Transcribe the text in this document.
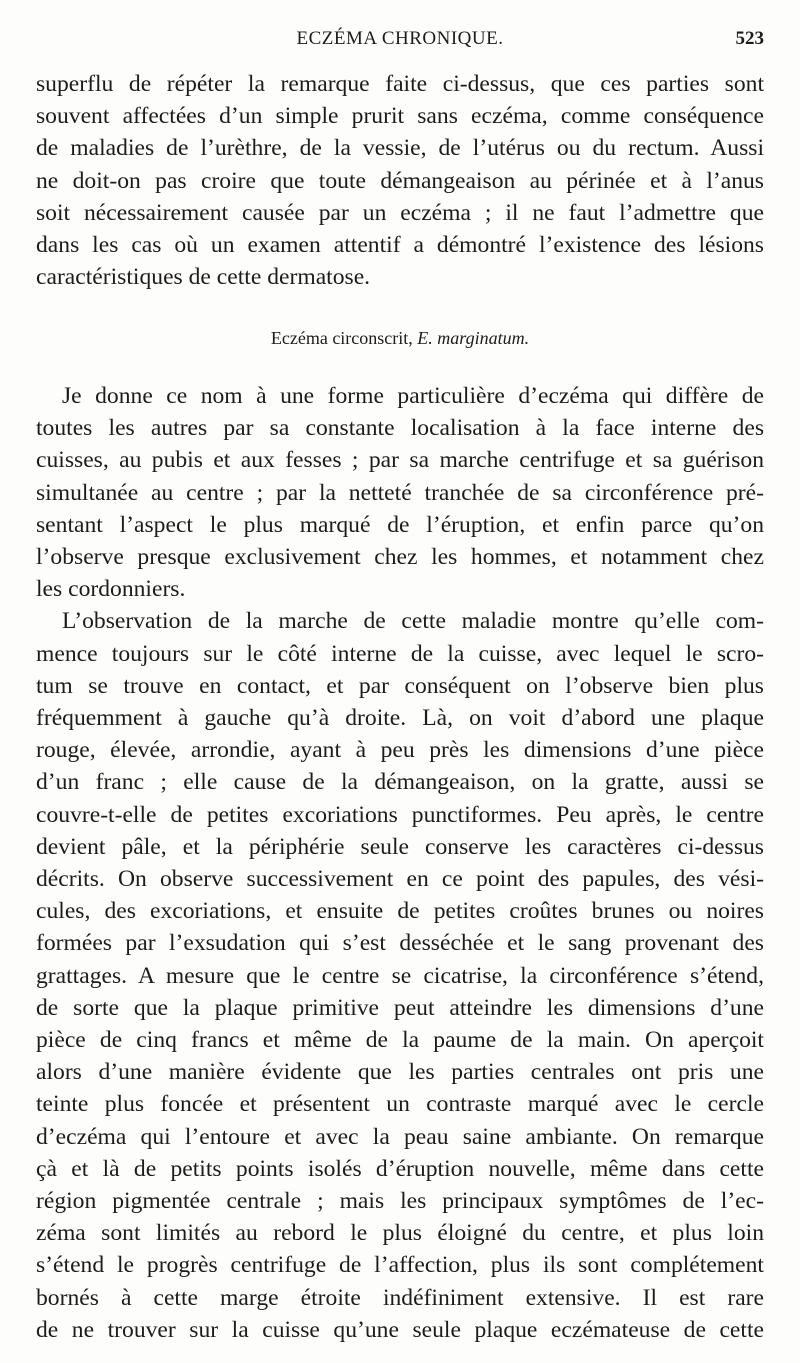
ECZÉMA CHRONIQUE.	523
superflu de répéter la remarque faite ci-dessus, que ces parties sont
souvent affectées d’un simple prurit sans eczéma, comme conséquence
de maladies de l’urèthre, de la vessie, de l’utérus ou du rectum. Aussi
ne doit-on pas croire que toute démangeaison au périnée et à l’anus
soit nécessairement causée par un eczéma ; il ne faut l’admettre que
dans les cas où un examen attentif a démontré l’existence des lésions
caractéristiques de cette dermatose.
Eczéma circonscrit, E. marginatum.
Je donne ce nom à une forme particulière d’eczéma qui diffère de
toutes les autres par sa constante localisation à la face interne des
cuisses, au pubis et aux fesses ; par sa marche centrifuge et sa guérison
simultanée au centre ; par la netteté tranchée de sa circonférence pré-
sentant l’aspect le plus marqué de l’éruption, et enfin parce qu’on
l’observe presque exclusivement chez les hommes, et notamment chez
les cordonniers.
L’observation de la marche de cette maladie montre qu’elle com-
mence toujours sur le côté interne de la cuisse, avec lequel le scro-
tum se trouve en contact, et par conséquent on l’observe bien plus
fréquemment à gauche qu’à droite. Là, on voit d’abord une plaque
rouge, élevée, arrondie, ayant à peu près les dimensions d’une pièce
d’un franc ; elle cause de la démangeaison, on la gratte, aussi se
couvre-t-elle de petites excoriations punctiformes. Peu après, le centre
devient pâle, et la périphérie seule conserve les caractères ci-dessus
décrits. On observe successivement en ce point des papules, des vési-
cules, des excoriations, et ensuite de petites croûtes brunes ou noires
formées par l’exsudation qui s’est desséchée et le sang provenant des
grattages. A mesure que le centre se cicatrise, la circonférence s’étend,
de sorte que la plaque primitive peut atteindre les dimensions d’une
pièce de cinq francs et même de la paume de la main. On aperçoit
alors d’une manière évidente que les parties centrales ont pris une
teinte plus foncée et présentent un contraste marqué avec le cercle
d’eczéma qui l’entoure et avec la peau saine ambiante. On remarque
çà et là de petits points isolés d’éruption nouvelle, même dans cette
région pigmentée centrale ; mais les principaux symptômes de l’ec-
zéma sont limités au rebord le plus éloigné du centre, et plus loin
s’étend le progrès centrifuge de l’affection, plus ils sont complétement
bornés à cette marge étroite indéfiniment extensive. Il est rare
de ne trouver sur la cuisse qu’une seule plaque eczémateuse de cette
